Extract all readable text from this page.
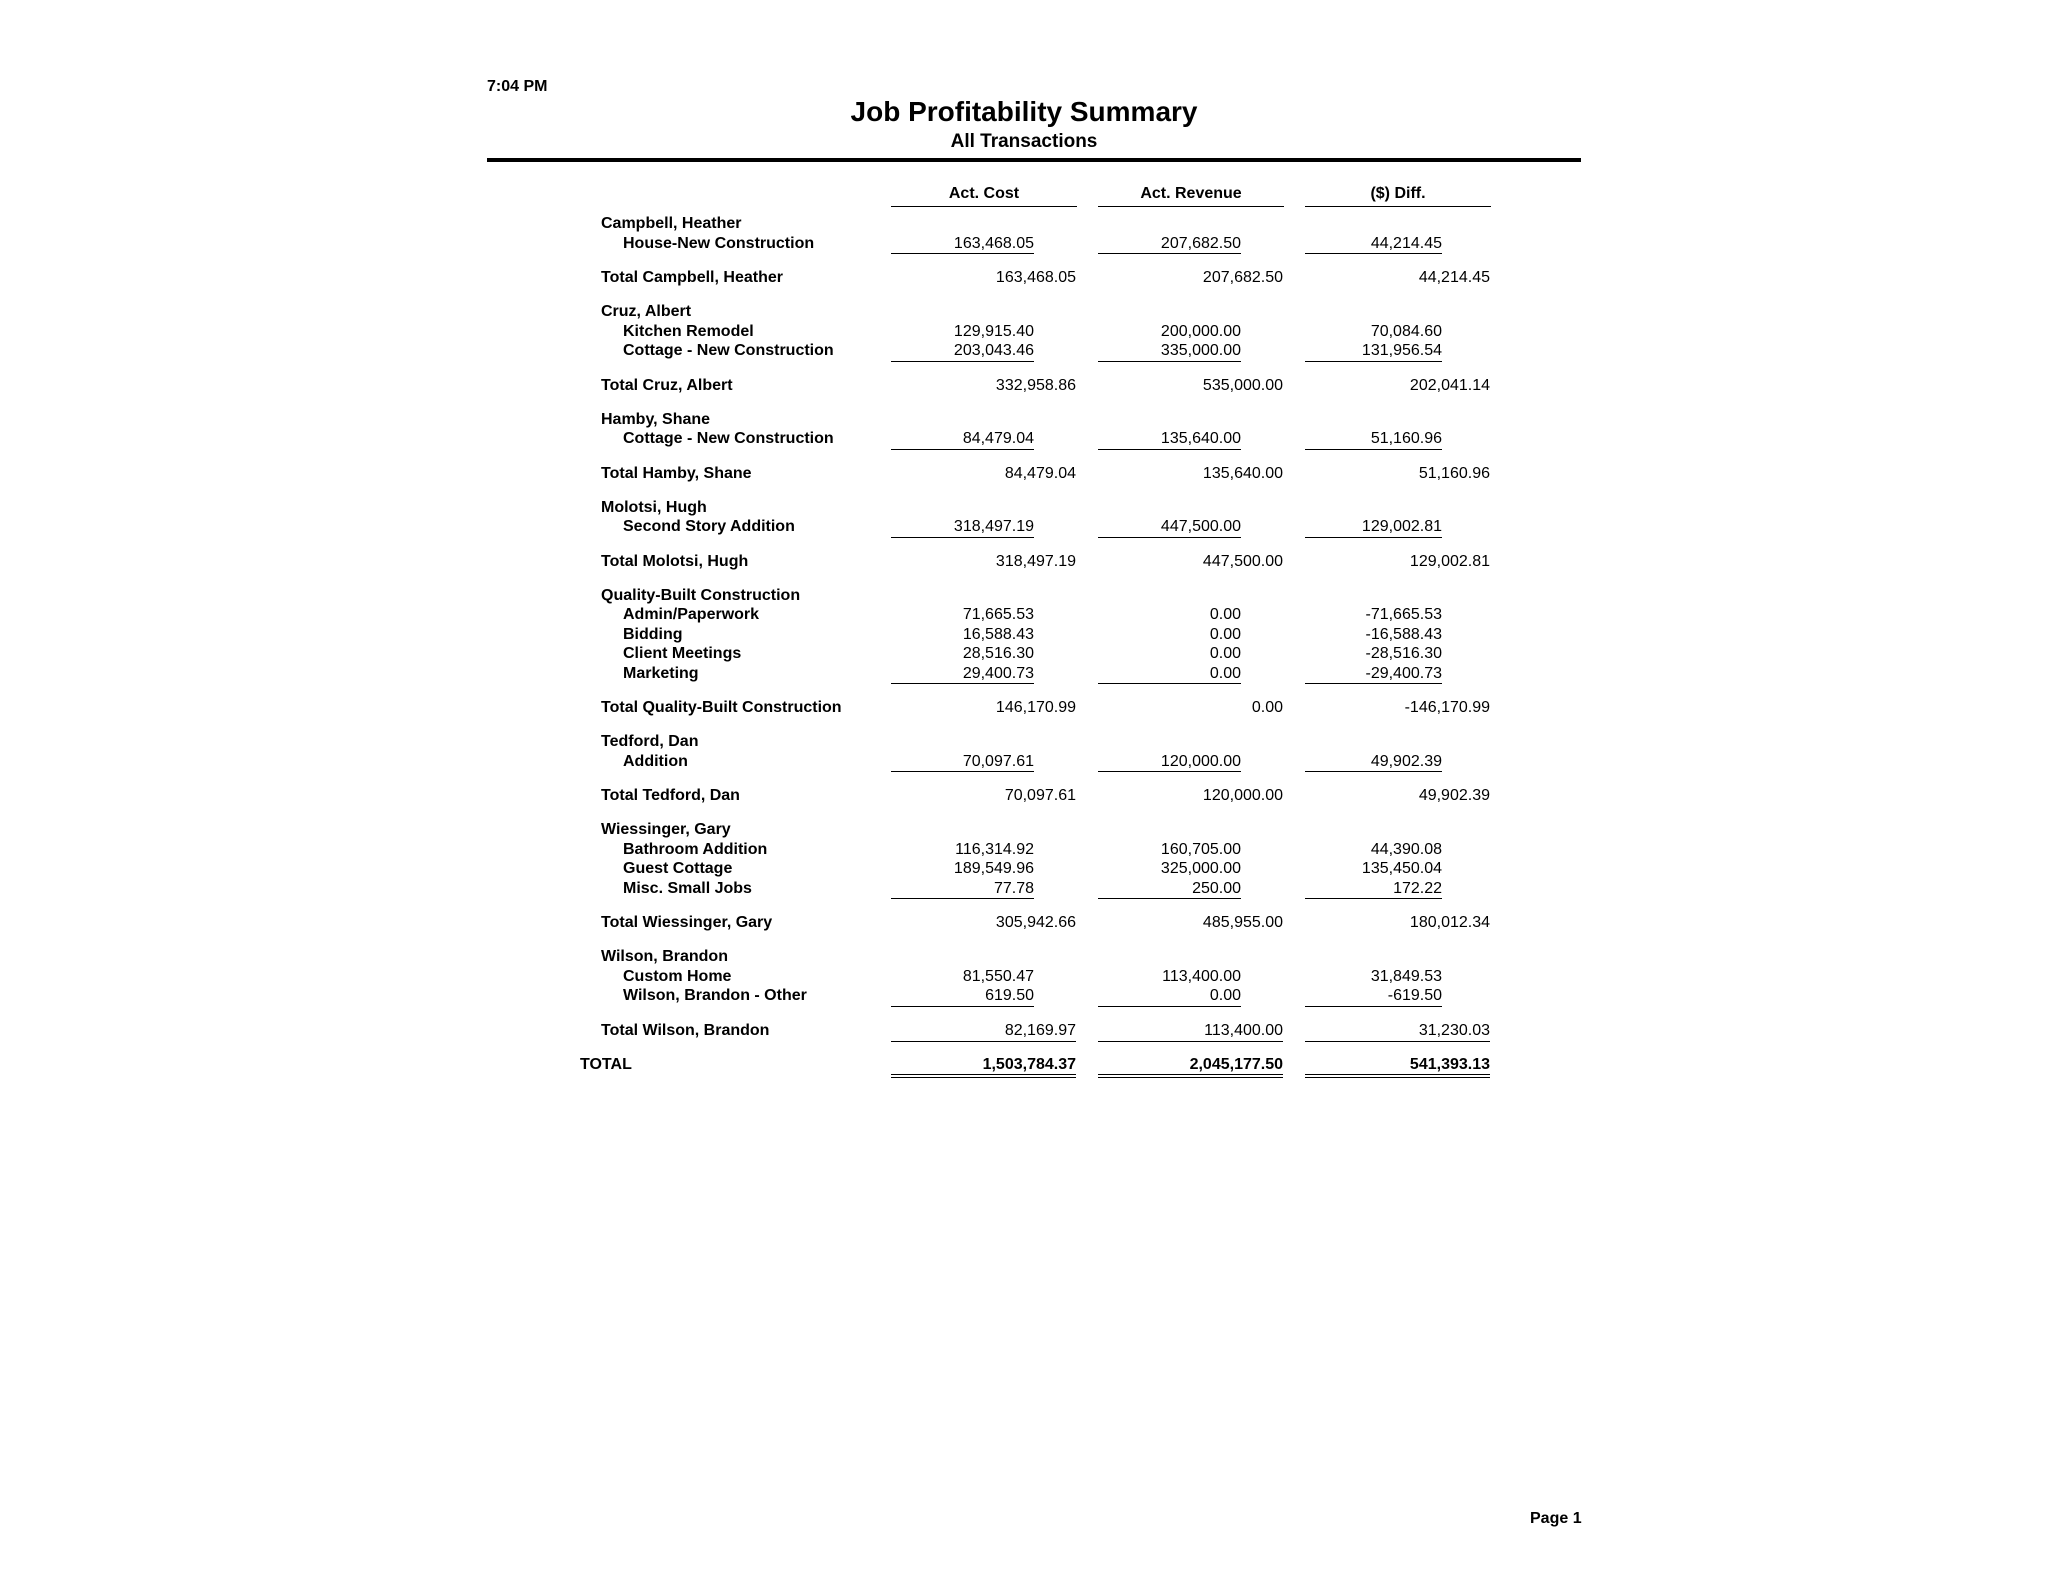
7:04 PM
Job Profitability Summary
All Transactions
Act. Cost	Act. Revenue	($) Diff.
Campbell, Heather
House-New Construction	163,468.05	207,682.50	44,214.45
Total Campbell, Heather	163,468.05	207,682.50	44,214.45
Cruz, Albert
Kitchen Remodel	129,915.40	200,000.00	70,084.60
Cottage - New Construction	203,043.46	335,000.00	131,956.54
Total Cruz, Albert	332,958.86	535,000.00	202,041.14
Hamby, Shane
Cottage - New Construction	84,479.04	135,640.00	51,160.96
Total Hamby, Shane	84,479.04	135,640.00	51,160.96
Molotsi, Hugh
Second Story Addition	318,497.19	447,500.00	129,002.81
Total Molotsi, Hugh	318,497.19	447,500.00	129,002.81
Quality-Built Construction
Admin/Paperwork	71,665.53	0.00	-71,665.53
Bidding	16,588.43	0.00	-16,588.43
Client Meetings	28,516.30	0.00	-28,516.30
Marketing	29,400.73	0.00	-29,400.73
Total Quality-Built Construction	146,170.99	0.00	-146,170.99
Tedford, Dan
Addition	70,097.61	120,000.00	49,902.39
Total Tedford, Dan	70,097.61	120,000.00	49,902.39
Wiessinger, Gary
Bathroom Addition	116,314.92	160,705.00	44,390.08
Guest Cottage	189,549.96	325,000.00	135,450.04
Misc. Small Jobs	77.78	250.00	172.22
Total Wiessinger, Gary	305,942.66	485,955.00	180,012.34
Wilson, Brandon
Custom Home	81,550.47	113,400.00	31,849.53
Wilson, Brandon - Other	619.50	0.00	-619.50
Total Wilson, Brandon	82,169.97	113,400.00	31,230.03
TOTAL	1,503,784.37	2,045,177.50	541,393.13
Page 1
